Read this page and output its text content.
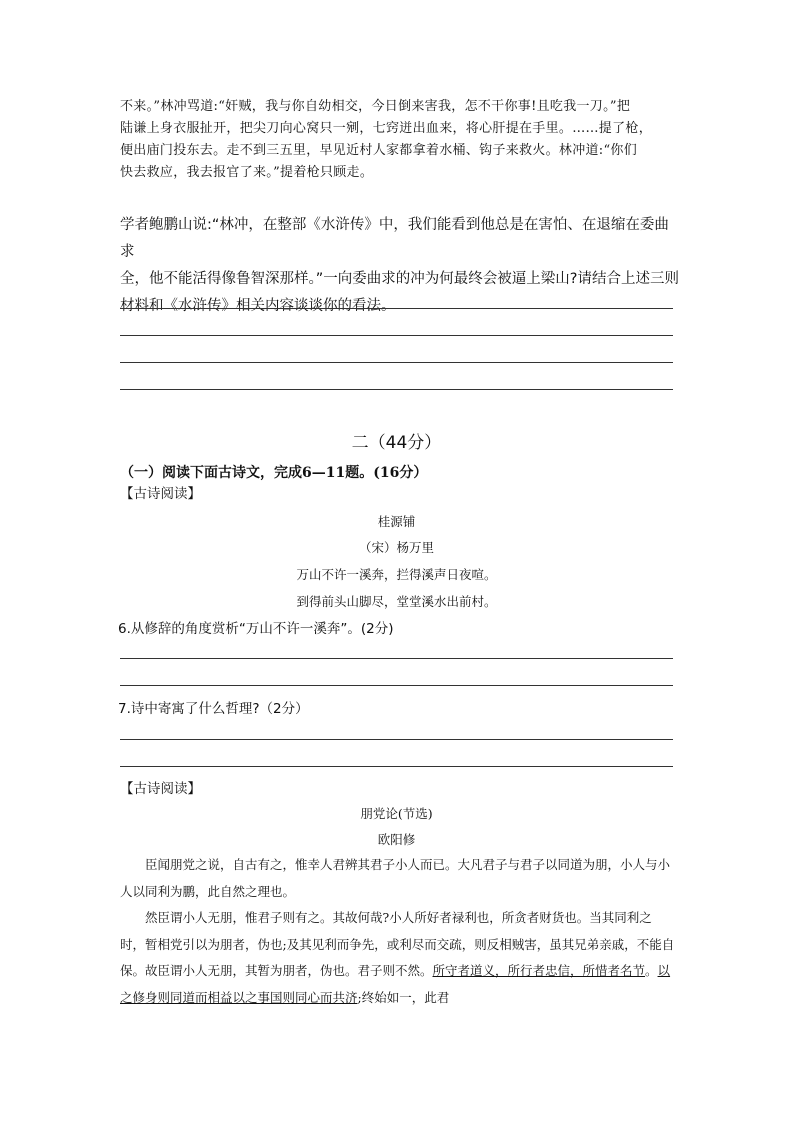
不来。”林冲骂道:“奸贼，我与你自幼相交，今日倒来害我，怎不干你事!且吃我一刀。”把
陆谦上身衣服扯开，把尖刀向心窝只一剜，七窍迸出血来，将心肝提在手里。……提了枪，
便出庙门投东去。走不到三五里，早见近村人家都拿着水桶、钩子来救火。林冲道:“你们
快去救应，我去报官了来。”提着枪只顾走。
学者鲍鹏山说:“林冲，在整部《水浒传》中，我们能看到他总是在害怕、在退缩在委曲求
全，他不能活得像鲁智深那样。”一向委曲求的冲为何最终会被逼上梁山?请结合上述三则
材料和《水浒传》相关内容谈谈你的看法。
二（44分）
（一）阅读下面古诗文，完成6—11题。(16分）
【古诗阅读】
桂源铺
（宋）杨万里
万山不许一溪奔，拦得溪声日夜喧。
到得前头山脚尽，堂堂溪水出前村。
6.从修辞的角度赏析“万山不许一溪奔”。(2分)
7.诗中寄寓了什么哲理?（2分）
【古诗阅读】
朋党论(节选)
欧阳修

臣闻朋党之说，自古有之，惟幸人君辨其君子小人而已。大凡君子与君子以同道为朋，小人与小人以同利为鹏，此自然之理也。

然臣谓小人无朋，惟君子则有之。其故何哉?小人所好者禄利也，所贪者财货也。当其同利之时，暂相党引以为朋者，伪也;及其见利而争先，或利尽而交疏，则反相贼害，虽其兄弟亲戚，不能自保。故臣谓小人无朋，其暂为朋者，伪也。君子则不然。所守者道义，所行者忠信，所惜者名节。以之修身则同道而相益以之事国则同心而共济;终始如一，此君
